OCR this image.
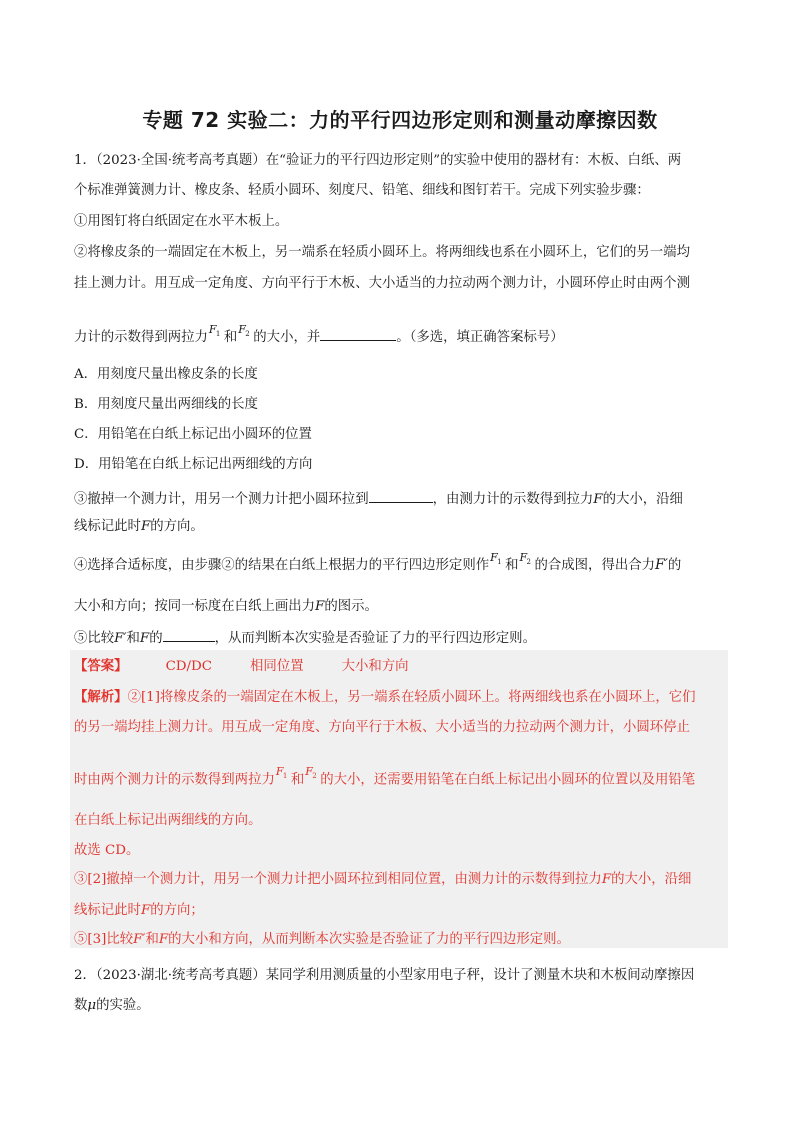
专题 72 实验二：力的平行四边形定则和测量动摩擦因数
1．（2023·全国·统考高考真题）在“验证力的平行四边形定则”的实验中使用的器材有：木板、白纸、两
个标准弹簧测力计、橡皮条、轻质小圆环、刻度尺、铅笔、细线和图钉若干。完成下列实验步骤：
①用图钉将白纸固定在水平木板上。
②将橡皮条的一端固定在木板上，另一端系在轻质小圆环上。将两细线也系在小圆环上，它们的另一端均
挂上测力计。用互成一定角度、方向平行于木板、大小适当的力拉动两个测力计，小圆环停止时由两个测
力计的示数得到两拉力
F 1 和
F 2 的大小，并	。（多选，填正确答案标号）
A．用刻度尺量出橡皮条的长度
B．用刻度尺量出两细线的长度
C．用铅笔在白纸上标记出小圆环的位置
D．用铅笔在白纸上标记出两细线的方向
③撤掉一个测力计，用另一个测力计把小圆环拉到	，由测力计的示数得到拉力F的大小，沿细
线标记此时F的方向。
④选择合适标度，由步骤②的结果在白纸上根据力的平行四边形定则作
F 1 和
F 2 的合成图，得出合力F′的
大小和方向；按同一标度在白纸上画出力F的图示。
⑤比较F′和F的	，从而判断本次实验是否验证了力的平行四边形定则。
【答案】	CD/DC	相同位置	大小和方向
【解析】②[1]将橡皮条的一端固定在木板上，另一端系在轻质小圆环上。将两细线也系在小圆环上，它们
的另一端均挂上测力计。用互成一定角度、方向平行于木板、大小适当的力拉动两个测力计，小圆环停止
时由两个测力计的示数得到两拉力
F 1 和
F 2 的大小，还需要用铅笔在白纸上标记出小圆环的位置以及用铅笔
在白纸上标记出两细线的方向。
故选 CD。
③[2]撤掉一个测力计，用另一个测力计把小圆环拉到相同位置，由测力计的示数得到拉力F的大小，沿细
线标记此时F的方向；
⑤[3]比较F′和F的大小和方向，从而判断本次实验是否验证了力的平行四边形定则。
2．（2023·湖北·统考高考真题）某同学利用测质量的小型家用电子秤，设计了测量木块和木板间动摩擦因
数μ的实验。
